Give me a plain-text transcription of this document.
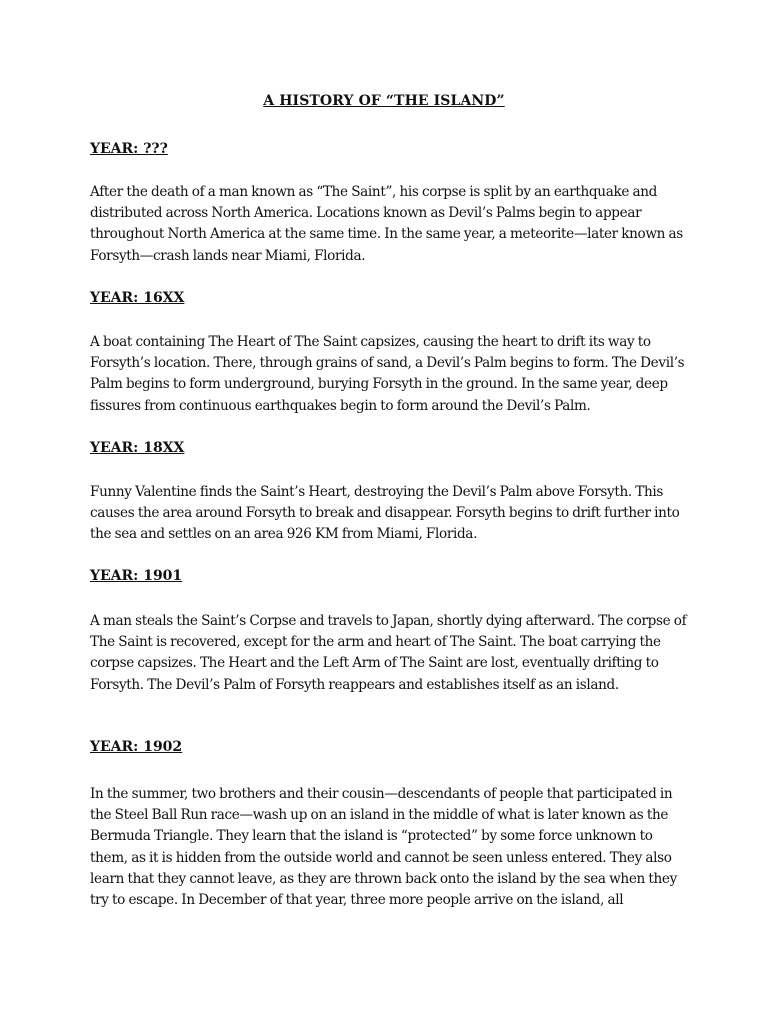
A HISTORY OF “THE ISLAND”
YEAR: ???
After the death of a man known as “The Saint”, his corpse is split by an earthquake and
distributed across North America. Locations known as Devil’s Palms begin to appear
throughout North America at the same time. In the same year, a meteorite—later known as
Forsyth—crash lands near Miami, Florida.
YEAR: 16XX
A boat containing The Heart of The Saint capsizes, causing the heart to drift its way to
Forsyth’s location. There, through grains of sand, a Devil’s Palm begins to form. The Devil’s
Palm begins to form underground, burying Forsyth in the ground. In the same year, deep
fissures from continuous earthquakes begin to form around the Devil’s Palm.
YEAR: 18XX
Funny Valentine finds the Saint’s Heart, destroying the Devil’s Palm above Forsyth. This
causes the area around Forsyth to break and disappear. Forsyth begins to drift further into
the sea and settles on an area 926 KM from Miami, Florida.
YEAR: 1901
A man steals the Saint’s Corpse and travels to Japan, shortly dying afterward. The corpse of
The Saint is recovered, except for the arm and heart of The Saint. The boat carrying the
corpse capsizes. The Heart and the Left Arm of The Saint are lost, eventually drifting to
Forsyth. The Devil’s Palm of Forsyth reappears and establishes itself as an island.
YEAR: 1902
In the summer, two brothers and their cousin—descendants of people that participated in
the Steel Ball Run race—wash up on an island in the middle of what is later known as the
Bermuda Triangle. They learn that the island is “protected” by some force unknown to
them, as it is hidden from the outside world and cannot be seen unless entered. They also
learn that they cannot leave, as they are thrown back onto the island by the sea when they
try to escape. In December of that year, three more people arrive on the island, all
